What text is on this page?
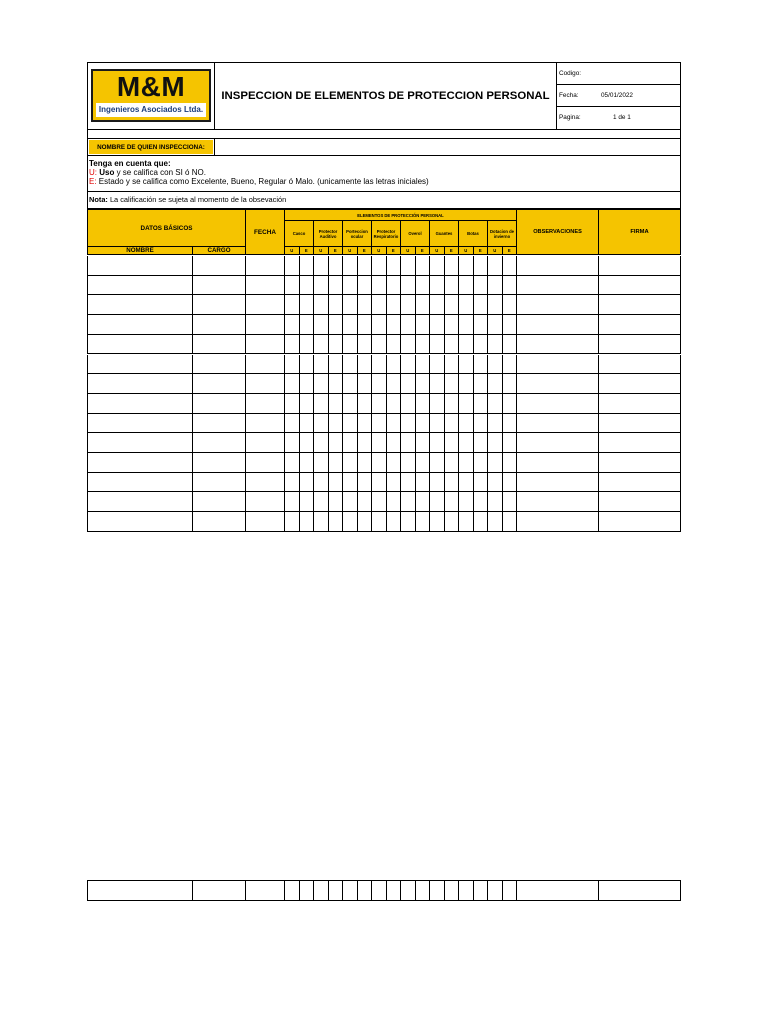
M&M
Ingenieros Asociados Ltda.
INSPECCION DE ELEMENTOS DE PROTECCION PERSONAL
Codigo:
Fecha:	05/01/2022
Pagina:	1 de 1
NOMBRE DE QUIEN INSPECCIONA:
Tenga en cuenta que:
U: Uso y se califica con SI ó NO.
E: Estado y se califica como Excelente, Bueno, Regular ó Malo. (unicamente las letras iniciales)
Nota: La calificación se sujeta al momento de la obsevación
DATOS BÁSICOS
NOMBRE	CARGO
FECHA
ELEMENTOS DE PROTECCIÓN PERSONAL
OBSERVACIONES	FIRMA
Casco
U	E
Protector Auditivo
U	E
Porteccion ocular
U	E
Protector Respiratorio
U	E
Overol
U	E
Guantes
U	E
Botas
U	E
Dotacion de invierno
U	E
